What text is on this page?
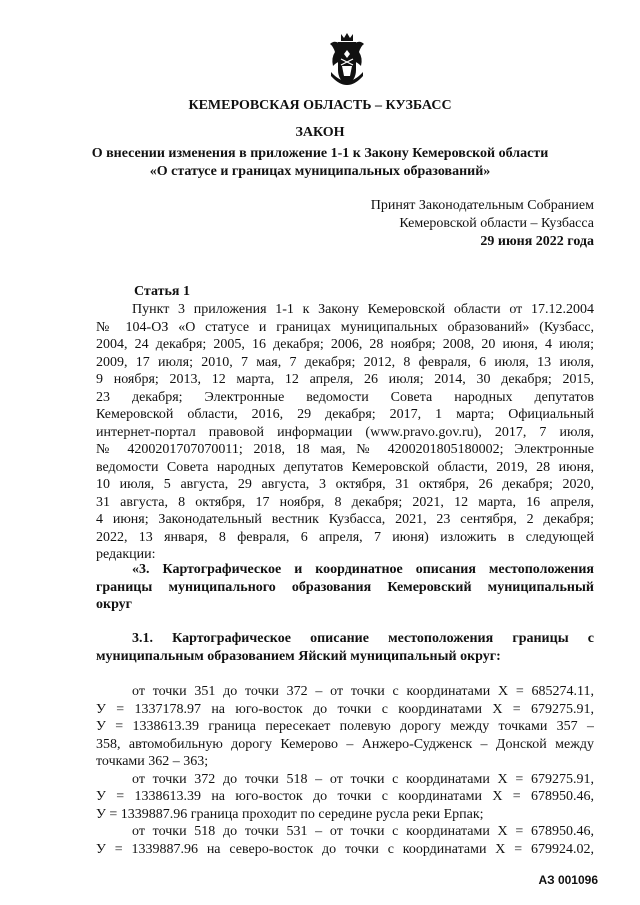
КЕМЕРОВСКАЯ ОБЛАСТЬ – КУЗБАСС
ЗАКОН
О внесении изменения в приложение 1-1 к Закону Кемеровской области
«О статусе и границах муниципальных образований»
Принят Законодательным Собранием
Кемеровской области – Кузбасса
29 июня 2022 года
Статья 1
Пункт 3 приложения 1-1 к Закону Кемеровской области от 17.12.2004
№ 104-ОЗ «О статусе и границах муниципальных образований» (Кузбасс,
2004, 24 декабря; 2005, 16 декабря; 2006, 28 ноября; 2008, 20 июня, 4 июля;
2009, 17 июля; 2010, 7 мая, 7 декабря; 2012, 8 февраля, 6 июля, 13 июля,
9 ноября; 2013, 12 марта, 12 апреля, 26 июля; 2014, 30 декабря; 2015,
23 декабря; Электронные ведомости Совета народных депутатов
Кемеровской области, 2016, 29 декабря; 2017, 1 марта; Официальный
интернет-портал правовой информации (www.pravo.gov.ru), 2017, 7 июля,
№ 4200201707070011; 2018, 18 мая, № 4200201805180002; Электронные
ведомости Совета народных депутатов Кемеровской области, 2019, 28 июня,
10 июля, 5 августа, 29 августа, 3 октября, 31 октября, 26 декабря; 2020,
31 августа, 8 октября, 17 ноября, 8 декабря; 2021, 12 марта, 16 апреля,
4 июня; Законодательный вестник Кузбасса, 2021, 23 сентября, 2 декабря;
2022, 13 января, 8 февраля, 6 апреля, 7 июня) изложить в следующей
редакции:
«3. Картографическое и координатное описания местоположения
границы муниципального образования Кемеровский муниципальный
округ
3.1. Картографическое описание местоположения границы с
муниципальным образованием Яйский муниципальный округ:
от точки 351 до точки 372 – от точки с координатами X = 685274.11,
У = 1337178.97 на юго-восток до точки с координатами X = 679275.91,
У = 1338613.39 граница пересекает полевую дорогу между точками 357 –
358, автомобильную дорогу Кемерово – Анжеро-Судженск – Донской между
точками 362 – 363;
от точки 372 до точки 518 – от точки с координатами X = 679275.91,
У = 1338613.39 на юго-восток до точки с координатами X = 678950.46,
У = 1339887.96 граница проходит по середине русла реки Ерпак;
от точки 518 до точки 531 – от точки с координатами X = 678950.46,
У = 1339887.96 на северо-восток до точки с координатами X = 679924.02,
АЗ 001096
